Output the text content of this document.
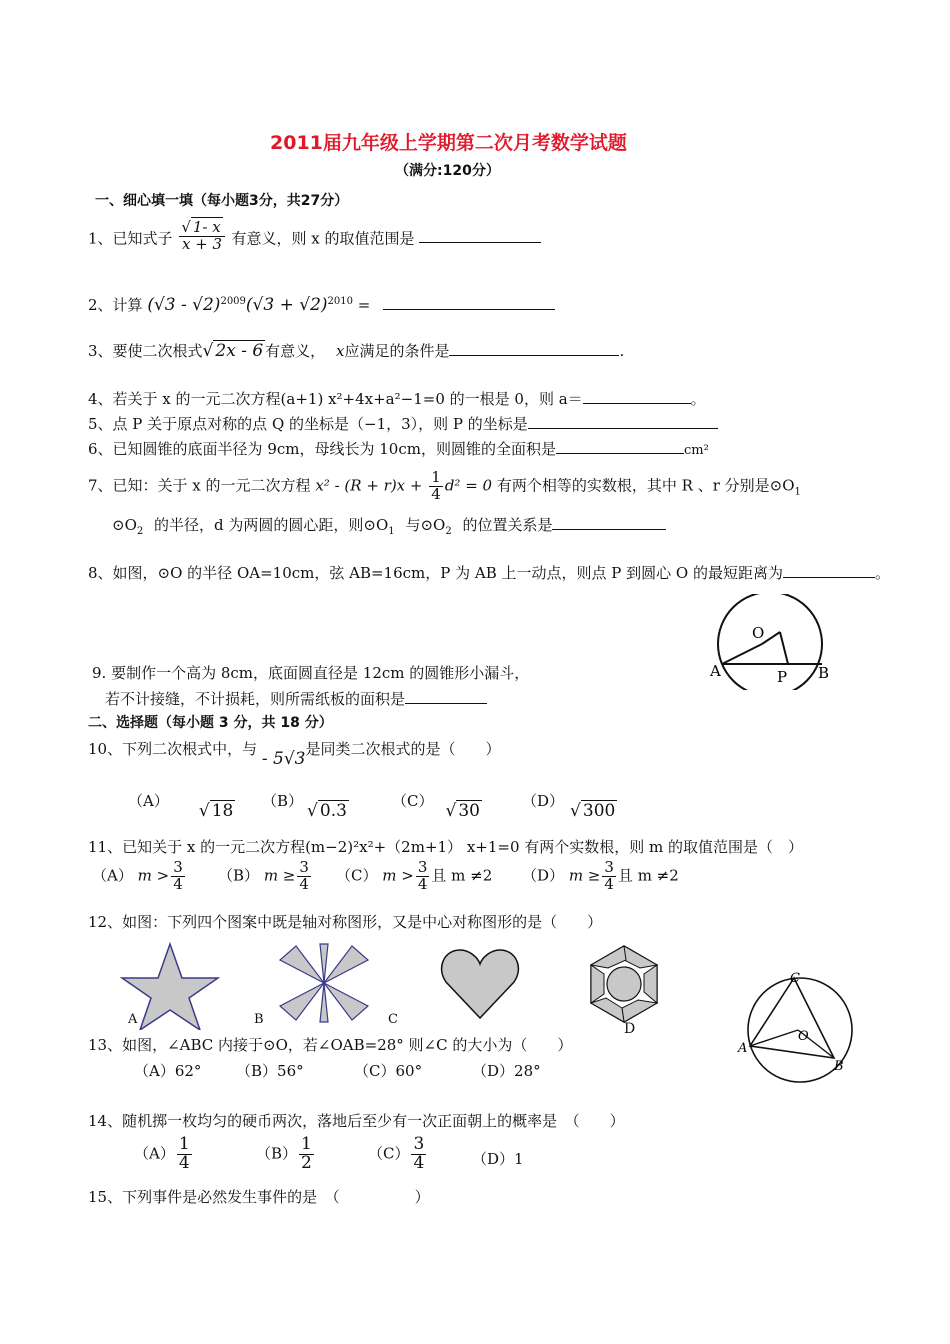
2011届九年级上学期第二次月考数学试题
（满分:120分）
一、细心填一填（每小题3分，共27分）
1、已知式子 $\frac{√ 1- x}{x + 3}$ 有意义，则 x 的取值范围是
2、计算 $(√3 - √2)^{2009}(√3 + √2)^{2010}$ =
3、要使二次根式√ 2x - 6 有意义， x应满足的条件是	.
4、若关于 x 的一元二次方程(a+1) x²+4x+a²−1=0 的一根是 0，则 a＝	。
5、点 P 关于原点对称的点 Q 的坐标是（−1，3），则 P 的坐标是
6、已知圆锥的底面半径为 9cm，母线长为 10cm，则圆锥的全面积是	cm²
7、已知：关于 x 的一元二次方程 $x^2 - (R + r)x + \frac{1}{4} d^2 = 0$ 有两个相等的实数根，其中 R 、r 分别是$⊙O_1$
$⊙O_2$ 的半径，d 为两圆的圆心距，则$⊙O_1$ 与$⊙O_2$ 的位置关系是
8、如图，⊙O 的半径 OA=10cm，弦 AB=16cm，P 为 AB 上一动点，则点 P 到圆心 O 的最短距离为	。
O
A	P B
9. 要制作一个高为 8cm，底面圆直径是 12cm 的圆锥形小漏斗，
若不计接缝，不计损耗，则所需纸板的面积是
二、选择题（每小题 3 分，共 18 分）
10、下列二次根式中，与 - 5√3是同类二次根式的是（　　）
（A） √ 18 （B） √ 0.3	（C） √ 30	（D） √ 300
11、已知关于 x 的一元二次方程(m−2)²x²+（2m+1） x+1=0 有两个实数根，则 m 的取值范围是（　）
（A） $m > \frac{3}{4} (B) m \ge \frac{3}{4} (C) m > \frac{3}{4}$ 且 m ≠2 （D） $m \ge \frac{3}{4}$ 且 m ≠2
12、如图：下列四个图案中既是轴对称图形，又是中心对称图形的是（　　）
A	B	C
D
C
A
B
O
13、如图，∠ABC 内接于⊙O，若∠OAB=28° 则∠C 的大小为（　　）
（A）62° （B）56°	（C）60°	（D）28°
14、随机掷一枚均匀的硬币两次，落地后至少有一次正面朝上的概率是　（　　）
$(A) \frac{1}{4}$	$(B) \frac{1}{2}$	$(C) \frac{3}{4}$	（D）1
15、下列事件是必然发生事件的是　（　　　　　）
